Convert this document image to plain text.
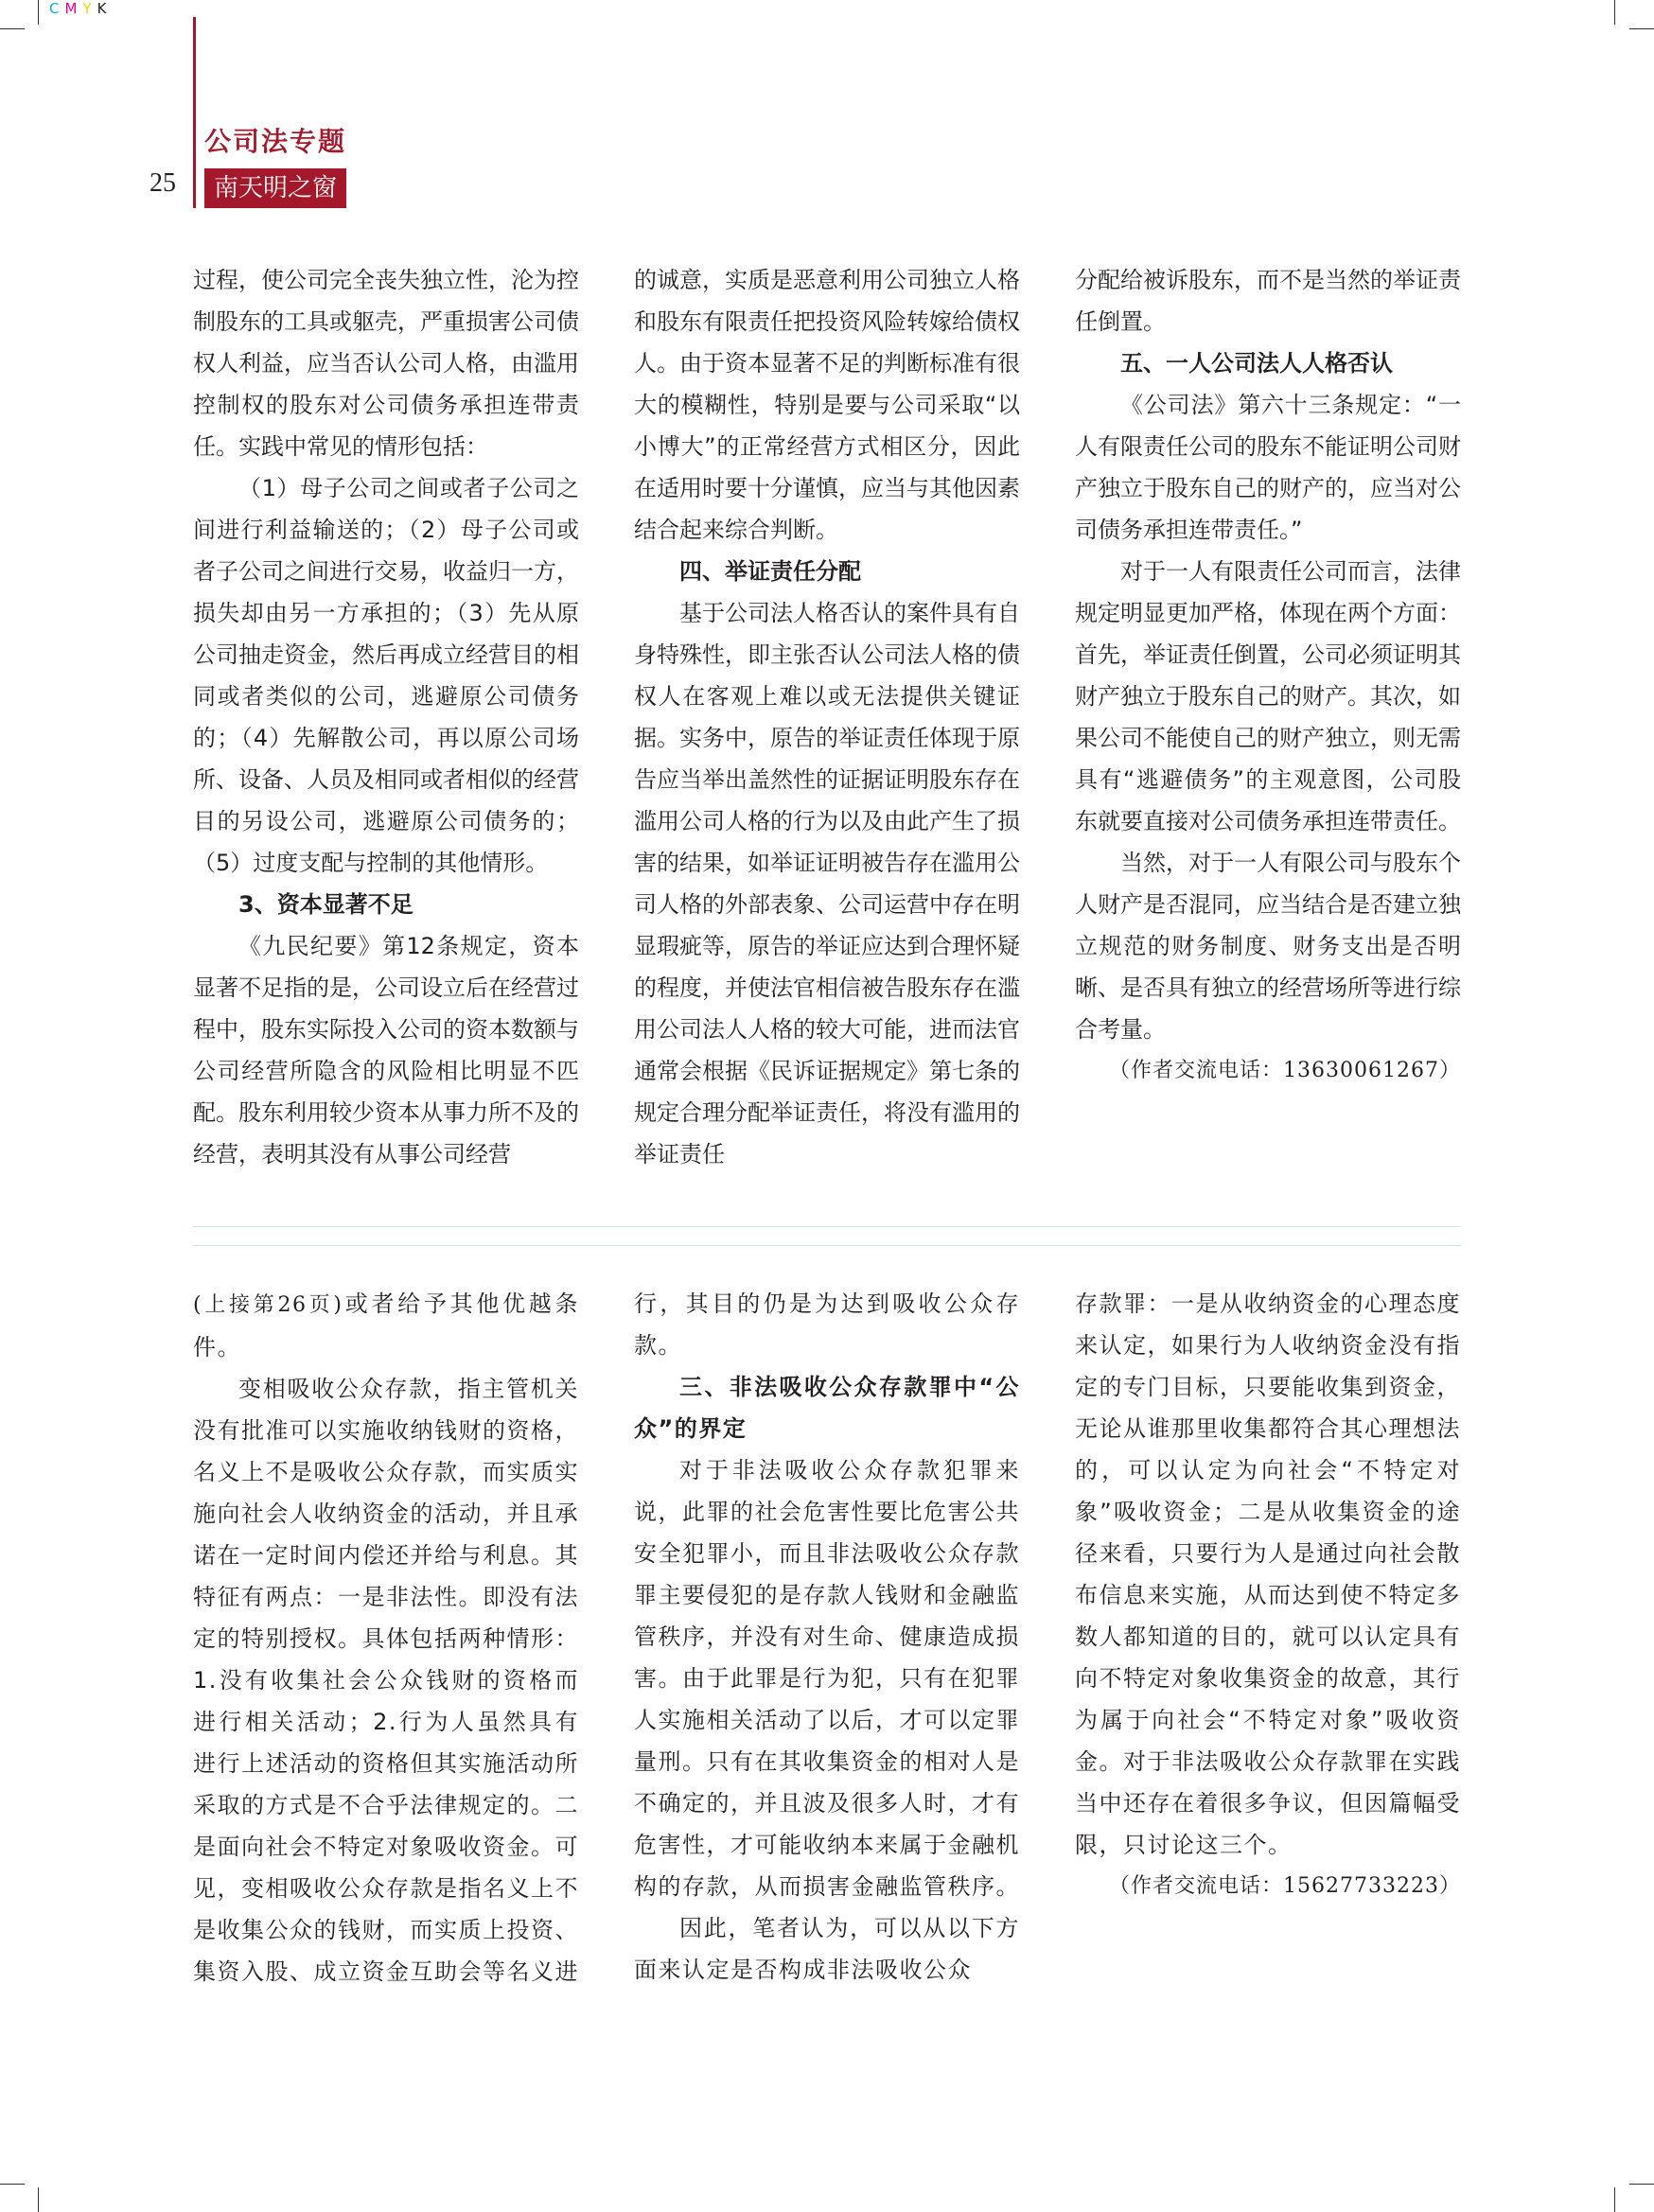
CMYK
公司法专题
25	南天明之窗

过程，使公司完全丧失独立性，沦为控制股东的工具或躯壳，严重损害公司债权人利益，应当否认公司人格，由滥用控制权的股东对公司债务承担连带责任。实践中常见的情形包括：

（1）母子公司之间或者子公司之间进行利益输送的；（2）母子公司或者子公司之间进行交易，收益归一方，损失却由另一方承担的；（3）先从原公司抽走资金，然后再成立经营目的相同或者类似的公司，逃避原公司债务的；（4）先解散公司，再以原公司场所、设备、人员及相同或者相似的经营目的另设公司，逃避原公司债务的；（5）过度支配与控制的其他情形。

3、资本显著不足

《九民纪要》第12条规定，资本显著不足指的是，公司设立后在经营过程中，股东实际投入公司的资本数额与公司经营所隐含的风险相比明显不匹配。股东利用较少资本从事力所不及的经营，表明其没有从事公司经营

的诚意，实质是恶意利用公司独立人格和股东有限责任把投资风险转嫁给债权人。由于资本显著不足的判断标准有很大的模糊性，特别是要与公司采取“以小博大”的正常经营方式相区分，因此在适用时要十分谨慎，应当与其他因素结合起来综合判断。

四、举证责任分配

基于公司法人格否认的案件具有自身特殊性，即主张否认公司法人格的债权人在客观上难以或无法提供关键证据。实务中，原告的举证责任体现于原告应当举出盖然性的证据证明股东存在滥用公司人格的行为以及由此产生了损害的结果，如举证证明被告存在滥用公司人格的外部表象、公司运营中存在明显瑕疵等，原告的举证应达到合理怀疑的程度，并使法官相信被告股东存在滥用公司法人人格的较大可能，进而法官通常会根据《民诉证据规定》第七条的规定合理分配举证责任，将没有滥用的举证责任

分配给被诉股东，而不是当然的举证责任倒置。

五、一人公司法人人格否认

《公司法》第六十三条规定：“一人有限责任公司的股东不能证明公司财产独立于股东自己的财产的，应当对公司债务承担连带责任。”

对于一人有限责任公司而言，法律规定明显更加严格，体现在两个方面：首先，举证责任倒置，公司必须证明其财产独立于股东自己的财产。其次，如果公司不能使自己的财产独立，则无需具有“逃避债务”的主观意图，公司股东就要直接对公司债务承担连带责任。

当然，对于一人有限公司与股东个人财产是否混同，应当结合是否建立独立规范的财务制度、财务支出是否明晰、是否具有独立的经营场所等进行综合考量。

（作者交流电话：13630061267）

(上接第26页)或者给予其他优越条件。

变相吸收公众存款，指主管机关没有批准可以实施收纳钱财的资格，名义上不是吸收公众存款，而实质实施向社会人收纳资金的活动，并且承诺在一定时间内偿还并给与利息。其特征有两点：一是非法性。即没有法定的特别授权。具体包括两种情形：1.没有收集社会公众钱财的资格而进行相关活动；2.行为人虽然具有进行上述活动的资格但其实施活动所采取的方式是不合乎法律规定的。二是面向社会不特定对象吸收资金。可见，变相吸收公众存款是指名义上不是收集公众的钱财，而实质上投资、集资入股、成立资金互助会等名义进

行，其目的仍是为达到吸收公众存款。

三、非法吸收公众存款罪中“公众”的界定

对于非法吸收公众存款犯罪来说，此罪的社会危害性要比危害公共安全犯罪小，而且非法吸收公众存款罪主要侵犯的是存款人钱财和金融监管秩序，并没有对生命、健康造成损害。由于此罪是行为犯，只有在犯罪人实施相关活动了以后，才可以定罪量刑。只有在其收集资金的相对人是不确定的，并且波及很多人时，才有危害性，才可能收纳本来属于金融机构的存款，从而损害金融监管秩序。

因此，笔者认为，可以从以下方面来认定是否构成非法吸收公众

存款罪：一是从收纳资金的心理态度来认定，如果行为人收纳资金没有指定的专门目标，只要能收集到资金，无论从谁那里收集都符合其心理想法的，可以认定为向社会“不特定对象”吸收资金；二是从收集资金的途径来看，只要行为人是通过向社会散布信息来实施，从而达到使不特定多数人都知道的目的，就可以认定具有向不特定对象收集资金的故意，其行为属于向社会“不特定对象”吸收资金。对于非法吸收公众存款罪在实践当中还存在着很多争议，但因篇幅受限，只讨论这三个。

（作者交流电话：15627733223）
